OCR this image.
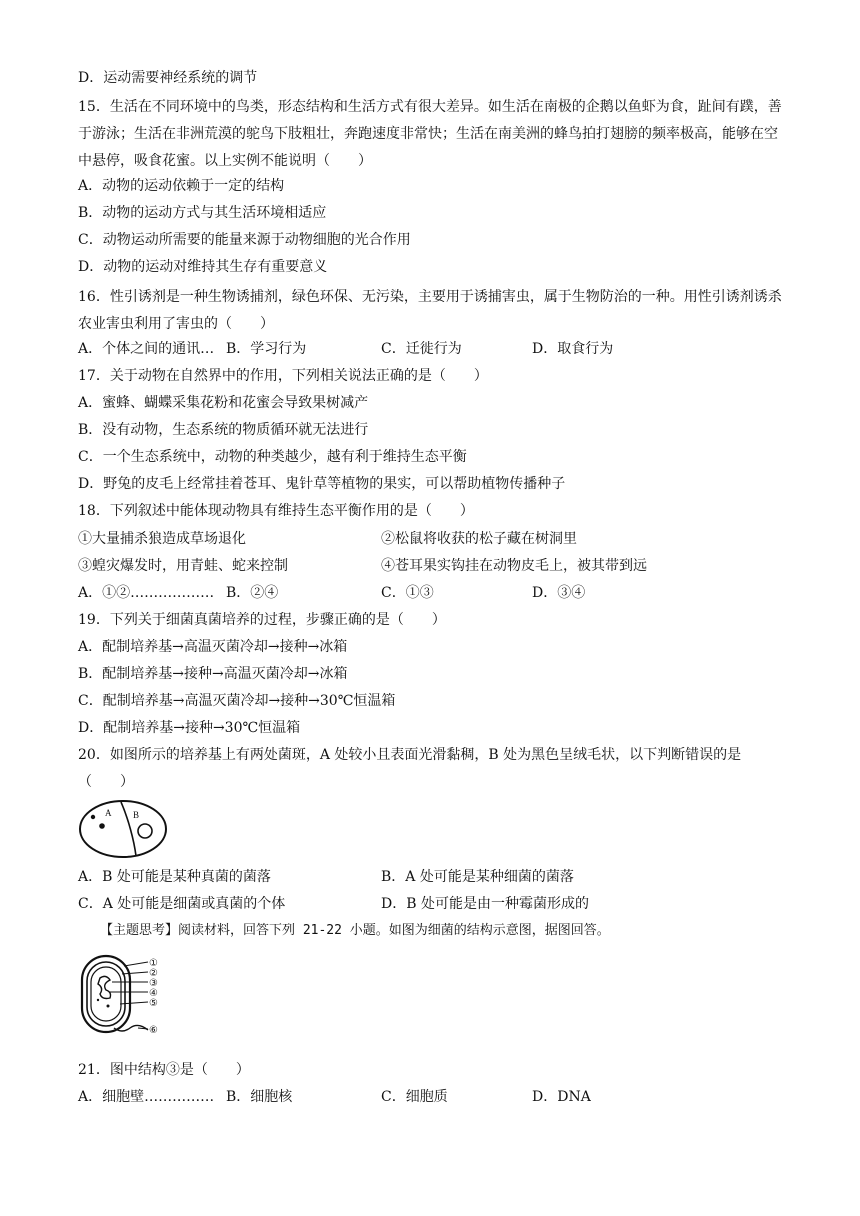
D．运动需要神经系统的调节
15．生活在不同环境中的鸟类，形态结构和生活方式有很大差异。如生活在南极的企鹅以鱼虾为食，趾间有蹼，善于游泳；生活在非洲荒漠的鸵鸟下肢粗壮，奔跑速度非常快；生活在南美洲的蜂鸟拍打翅膀的频率极高，能够在空中悬停，吸食花蜜。以上实例不能说明（　　）
A．动物的运动依赖于一定的结构
B．动物的运动方式与其生活环境相适应
C．动物运动所需要的能量来源于动物细胞的光合作用
D．动物的运动对维持其生存有重要意义
16．性引诱剂是一种生物诱捕剂，绿色环保、无污染，主要用于诱捕害虫，属于生物防治的一种。用性引诱剂诱杀农业害虫利用了害虫的（　　）
A．个体之间的通讯… B．学习行为	C．迁徙行为	D．取食行为
17．关于动物在自然界中的作用，下列相关说法正确的是（　　）
A．蜜蜂、蝴蝶采集花粉和花蜜会导致果树减产
B．没有动物，生态系统的物质循环就无法进行
C．一个生态系统中，动物的种类越少，越有利于维持生态平衡
D．野兔的皮毛上经常挂着苍耳、鬼针草等植物的果实，可以帮助植物传播种子
18．下列叙述中能体现动物具有维持生态平衡作用的是（　　）
①大量捕杀狼造成草场退化	②松鼠将收获的松子藏在树洞里
③蝗灾爆发时，用青蛙、蛇来控制	④苍耳果实钩挂在动物皮毛上，被其带到远
A．①②……………… B．②④	C．①③	D．③④
19．下列关于细菌真菌培养的过程，步骤正确的是（　　）
A．配制培养基→高温灭菌冷却→接种→冰箱
B．配制培养基→接种→高温灭菌冷却→冰箱
C．配制培养基→高温灭菌冷却→接种→30℃恒温箱
D．配制培养基→接种→30℃恒温箱
20．如图所示的培养基上有两处菌斑，A 处较小且表面光滑黏稠，B 处为黑色呈绒毛状，以下判断错误的是（　　）
A B
A．B 处可能是某种真菌的菌落	B．A 处可能是某种细菌的菌落
C．A 处可能是细菌或真菌的个体	D．B 处可能是由一种霉菌形成的
【主题思考】阅读材料，回答下列 21-22 小题。如图为细菌的结构示意图，据图回答。
①
②
③
④
⑤
⑥
21．图中结构③是（　　）
A．细胞壁…………… B．细胞核	C．细胞质	D．DNA
